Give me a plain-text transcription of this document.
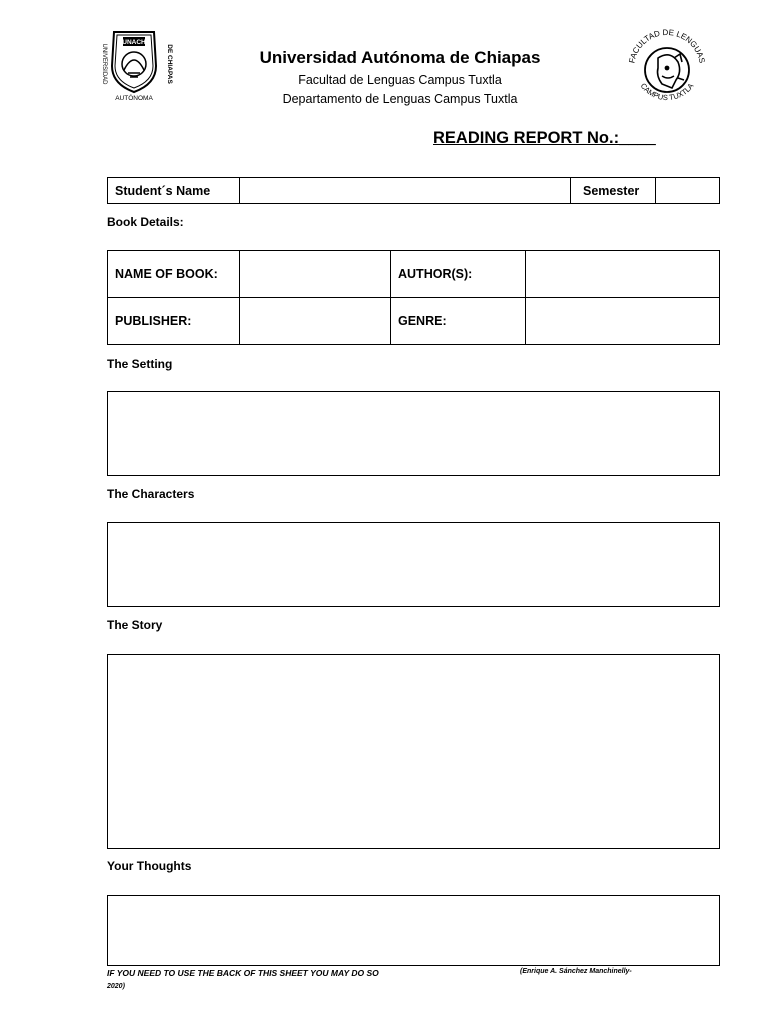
UNIVERSIDAD	DE CHIAPAS
UNACH
AUTÓNOMA
Universidad Autónoma de Chiapas
Facultad de Lenguas Campus Tuxtla
Departamento de Lenguas Campus Tuxtla
FACULTAD DE LENGUAS
CAMPUS TUXTLA
READING REPORT No.:____
Student´s Name		Semester	
Book Details:
NAME OF BOOK:		AUTHOR(S):	
PUBLISHER:		GENRE:	
The Setting
The Characters
The Story
Your Thoughts
IF YOU NEED TO USE THE BACK OF THIS SHEET YOU MAY DO SO	(Enrique A. Sánchez Manchinelly-
2020)
